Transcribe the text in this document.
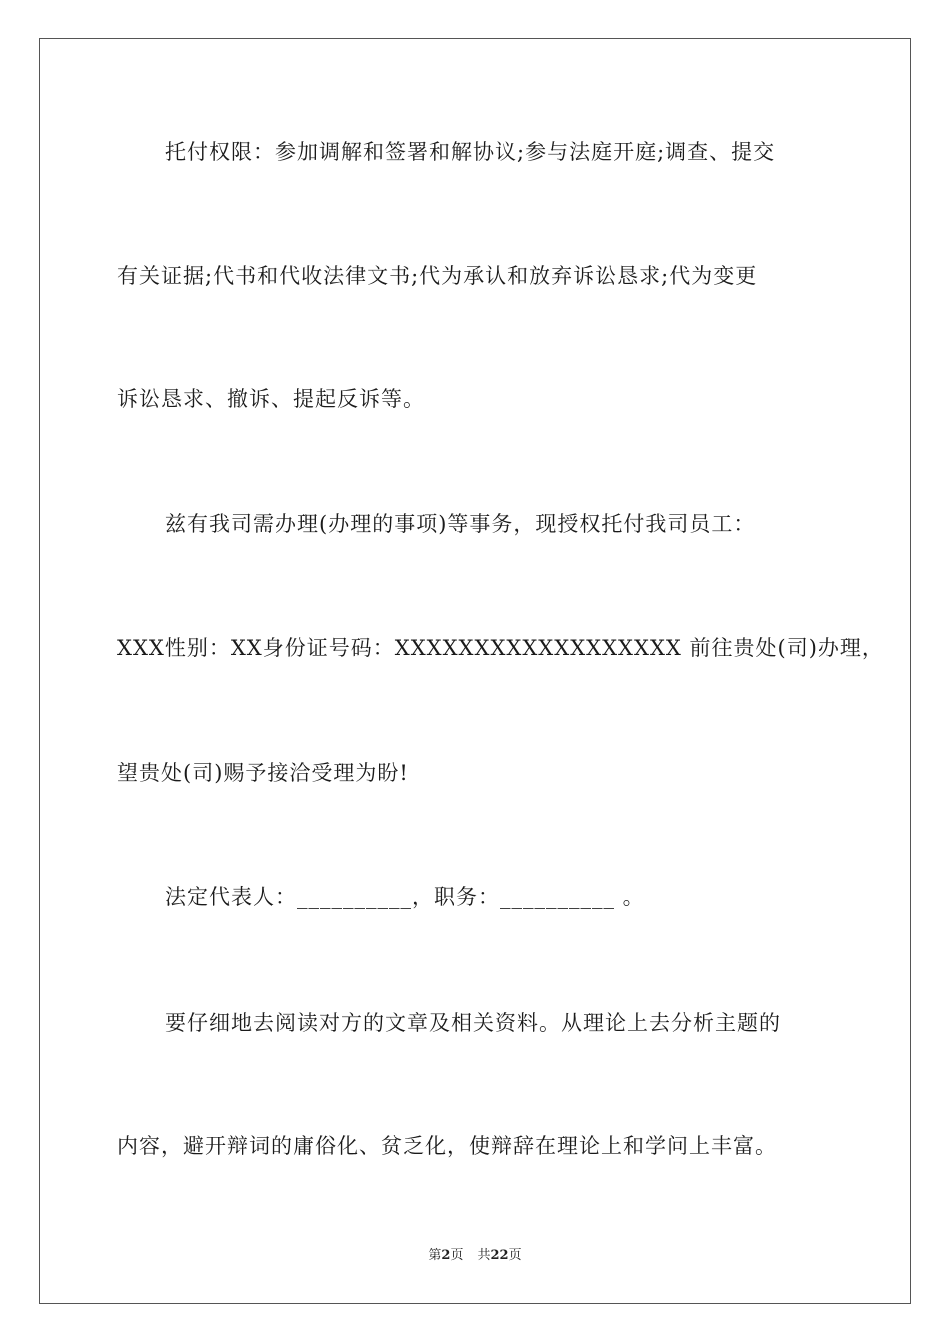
托付权限：参加调解和签署和解协议;参与法庭开庭;调查、提交
有关证据;代书和代收法律文书;代为承认和放弃诉讼恳求;代为变更
诉讼恳求、撤诉、提起反诉等。
兹有我司需办理(办理的事项)等事务，现授权托付我司员工：
XXX性别：XX身份证号码：XXXXXXXXXXXXXXXXXX 前往贵处(司)办理，
望贵处(司)赐予接洽受理为盼!
法定代表人：__________，职务：__________ 。
要仔细地去阅读对方的文章及相关资料。从理论上去分析主题的
内容，避开辩词的庸俗化、贫乏化，使辩辞在理论上和学问上丰富。
第2页 共22页
